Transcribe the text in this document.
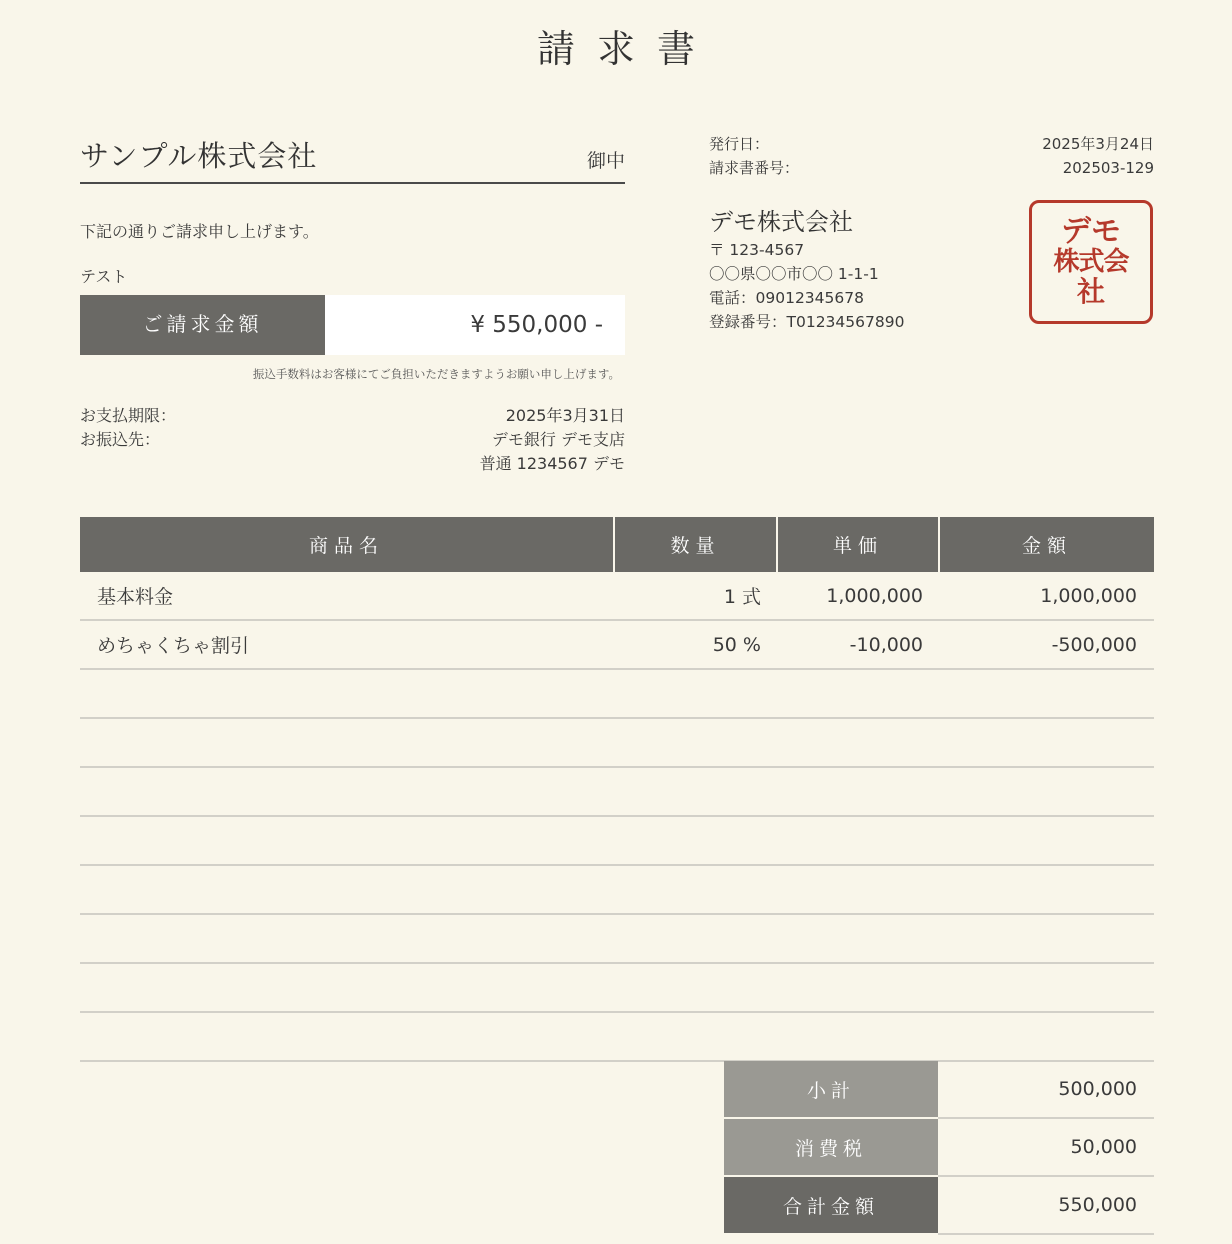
請求書
サンプル株式会社	御中
下記の通りご請求申し上げます。
テスト
ご請求金額	¥ 550,000 -
振込手数料はお客様にてご負担いただきますようお願い申し上げます。
お支払期限：	2025年3月31日
お振込先：	デモ銀行 デモ支店
普通 1234567 デモ
発行日：	2025年3月24日
請求書番号：	202503-129
デモ株式会社
〒 123-4567
〇〇県〇〇市〇〇 1-1-1
電話：09012345678
登録番号：T01234567890
デモ
株式会
社
商品名	数量	単価	金額
基本料金	1 式	1,000,000	1,000,000
めちゃくちゃ割引	50 %	-10,000	-500,000

小計	500,000
消費税	50,000
合計金額	550,000
